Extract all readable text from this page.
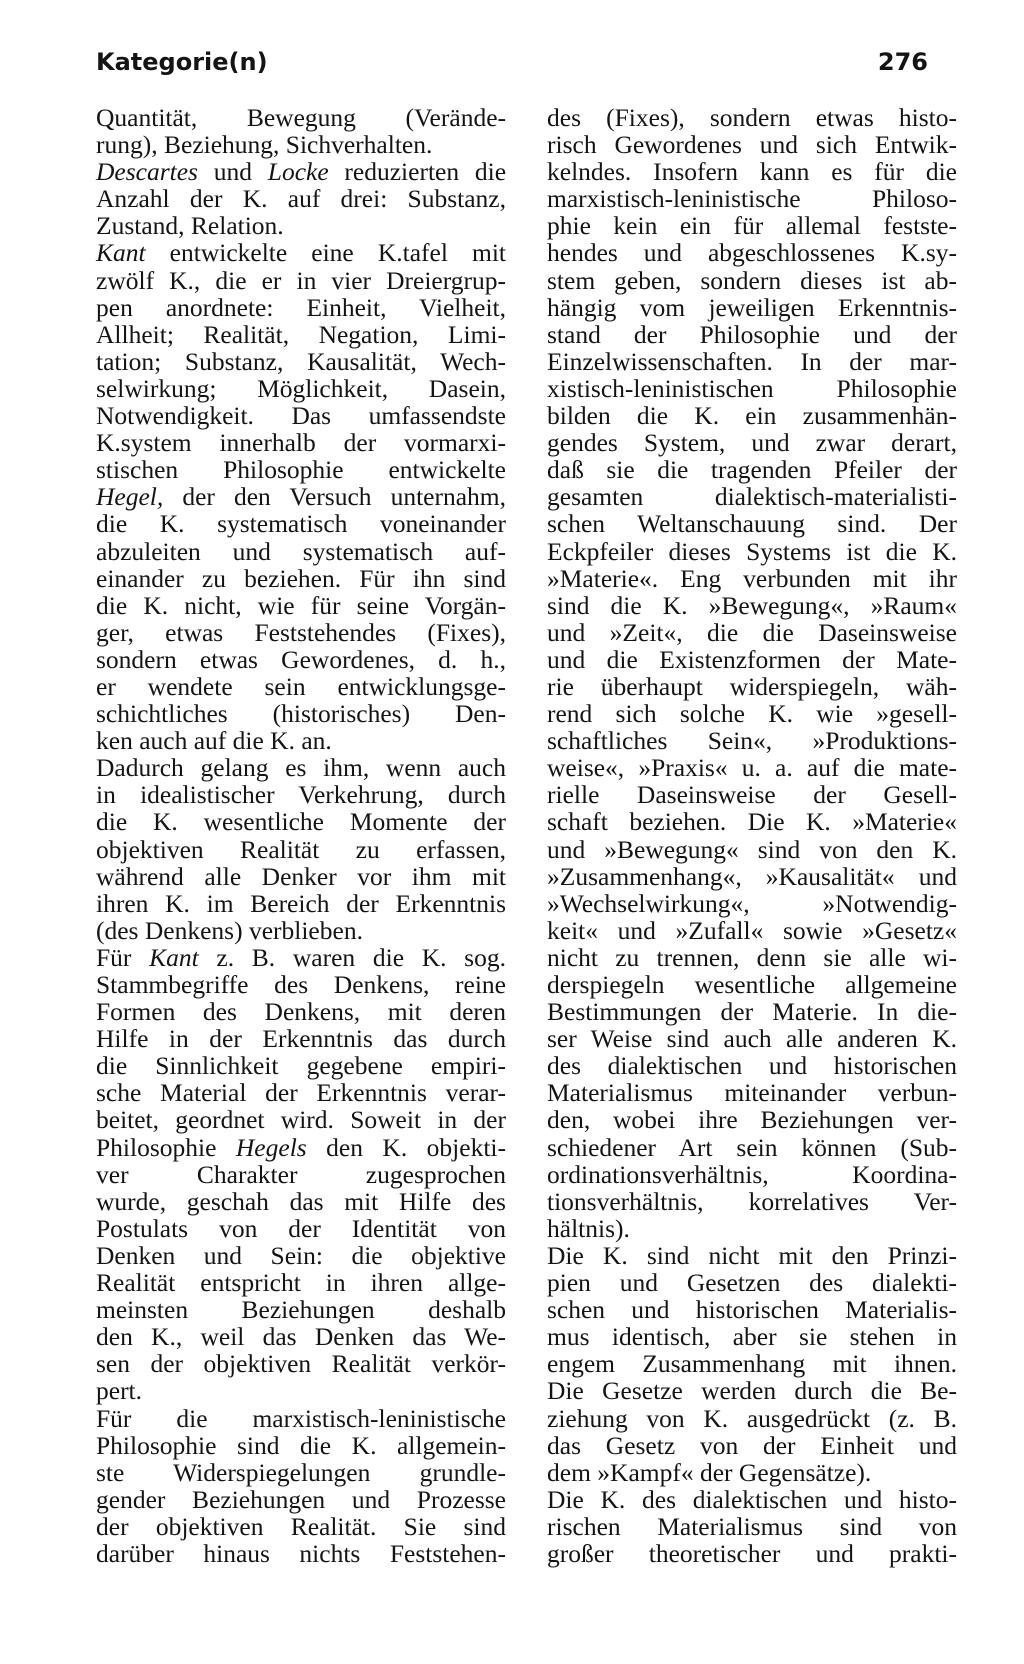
Kategorie(n)	276
Quantität, Bewegung (Verände-
rung), Beziehung, Sichverhalten.
Descartes und Locke reduzierten die
Anzahl der K. auf drei: Substanz,
Zustand, Relation.
Kant entwickelte eine K.tafel mit
zwölf K., die er in vier Dreiergrup-
pen anordnete: Einheit, Vielheit,
Allheit; Realität, Negation, Limi-
tation; Substanz, Kausalität, Wech-
selwirkung; Möglichkeit, Dasein,
Notwendigkeit. Das umfassendste
K.system innerhalb der vormarxi-
stischen Philosophie entwickelte
Hegel, der den Versuch unternahm,
die K. systematisch voneinander
abzuleiten und systematisch auf-
einander zu beziehen. Für ihn sind
die K. nicht, wie für seine Vorgän-
ger, etwas Feststehendes (Fixes),
sondern etwas Gewordenes, d. h.,
er wendete sein entwicklungsge-
schichtliches (historisches) Den-
ken auch auf die K. an.
Dadurch gelang es ihm, wenn auch
in idealistischer Verkehrung, durch
die K. wesentliche Momente der
objektiven Realität zu erfassen,
während alle Denker vor ihm mit
ihren K. im Bereich der Erkenntnis
(des Denkens) verblieben.
Für Kant z. B. waren die K. sog.
Stammbegriffe des Denkens, reine
Formen des Denkens, mit deren
Hilfe in der Erkenntnis das durch
die Sinnlichkeit gegebene empiri-
sche Material der Erkenntnis verar-
beitet, geordnet wird. Soweit in der
Philosophie Hegels den K. objekti-
ver Charakter zugesprochen
wurde, geschah das mit Hilfe des
Postulats von der Identität von
Denken und Sein: die objektive
Realität entspricht in ihren allge-
meinsten Beziehungen deshalb
den K., weil das Denken das We-
sen der objektiven Realität verkör-
pert.
Für die marxistisch-leninistische
Philosophie sind die K. allgemein-
ste Widerspiegelungen grundle-
gender Beziehungen und Prozesse
der objektiven Realität. Sie sind
darüber hinaus nichts Feststehen-
des (Fixes), sondern etwas histo-
risch Gewordenes und sich Entwik-
kelndes. Insofern kann es für die
marxistisch-leninistische Philoso-
phie kein ein für allemal festste-
hendes und abgeschlossenes K.sy-
stem geben, sondern dieses ist ab-
hängig vom jeweiligen Erkenntnis-
stand der Philosophie und der
Einzelwissenschaften. In der mar-
xistisch-leninistischen Philosophie
bilden die K. ein zusammenhän-
gendes System, und zwar derart,
daß sie die tragenden Pfeiler der
gesamten dialektisch-materialisti-
schen Weltanschauung sind. Der
Eckpfeiler dieses Systems ist die K.
»Materie«. Eng verbunden mit ihr
sind die K. »Bewegung«, »Raum«
und »Zeit«, die die Daseinsweise
und die Existenzformen der Mate-
rie überhaupt widerspiegeln, wäh-
rend sich solche K. wie »gesell-
schaftliches Sein«, »Produktions-
weise«, »Praxis« u. a. auf die mate-
rielle Daseinsweise der Gesell-
schaft beziehen. Die K. »Materie«
und »Bewegung« sind von den K.
»Zusammenhang«, »Kausalität« und
»Wechselwirkung«, »Notwendig-
keit« und »Zufall« sowie »Gesetz«
nicht zu trennen, denn sie alle wi-
derspiegeln wesentliche allgemeine
Bestimmungen der Materie. In die-
ser Weise sind auch alle anderen K.
des dialektischen und historischen
Materialismus miteinander verbun-
den, wobei ihre Beziehungen ver-
schiedener Art sein können (Sub-
ordinationsverhältnis, Koordina-
tionsverhältnis, korrelatives Ver-
hältnis).
Die K. sind nicht mit den Prinzi-
pien und Gesetzen des dialekti-
schen und historischen Materialis-
mus identisch, aber sie stehen in
engem Zusammenhang mit ihnen.
Die Gesetze werden durch die Be-
ziehung von K. ausgedrückt (z. B.
das Gesetz von der Einheit und
dem »Kampf« der Gegensätze).
Die K. des dialektischen und histo-
rischen Materialismus sind von
großer theoretischer und prakti-
